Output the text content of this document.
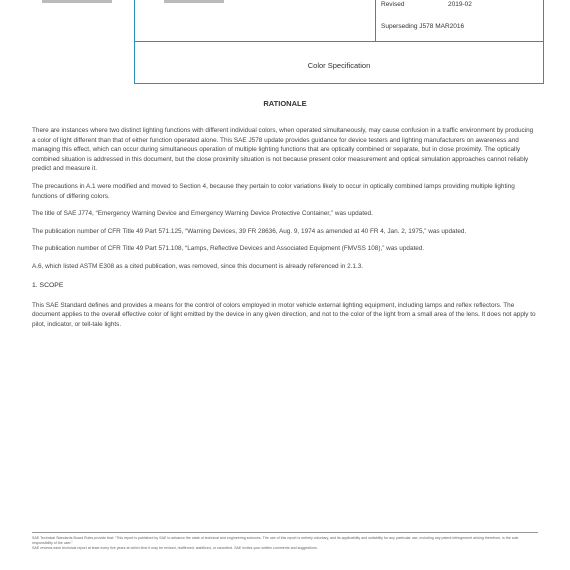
Revised	2019-02
Superseding J578 MAR2016
Color Specification
RATIONALE

There are instances where two distinct lighting functions with different individual colors, when operated simultaneously, may cause confusion in a traffic environment by producing a color of light different than that of either function operated alone. This SAE J578 update provides guidance for device testers and lighting manufacturers on awareness and managing this effect, which can occur during simultaneous operation of multiple lighting functions that are optically combined or separate, but in close proximity. The optically combined situation is addressed in this document, but the close proximity situation is not because present color measurement and optical simulation approaches cannot reliably predict and measure it.

The precautions in A.1 were modified and moved to Section 4, because they pertain to color variations likely to occur in optically combined lamps providing multiple lighting functions of differing colors.

The title of SAE J774, “Emergency Warning Device and Emergency Warning Device Protective Container,” was updated.

The publication number of CFR Title 49 Part 571.125, “Warning Devices, 39 FR 28636, Aug. 9, 1974 as amended at 40 FR 4, Jan. 2, 1975,” was updated.

The publication number of CFR Title 49 Part 571.108, “Lamps, Reflective Devices and Associated Equipment (FMVSS 108),” was updated.

A.6, which listed ASTM E308 as a cited publication, was removed, since this document is already referenced in 2.1.3.

1. SCOPE

This SAE Standard defines and provides a means for the control of colors employed in motor vehicle external lighting equipment, including lamps and reflex reflectors. The document applies to the overall effective color of light emitted by the device in any given direction, and not to the color of the light from a small area of the lens. It does not apply to pilot, indicator, or tell-tale lights.

SAE Technical Standards Board Rules provide that: “This report is published by SAE to advance the state of technical and engineering sciences. The use of this report is entirely voluntary, and its applicability and suitability for any particular use, including any patent infringement arising therefrom, is the sole responsibility of the user.”
SAE reviews each technical report at least every five years at which time it may be revised, reaffirmed, stabilized, or cancelled. SAE invites your written comments and suggestions.
